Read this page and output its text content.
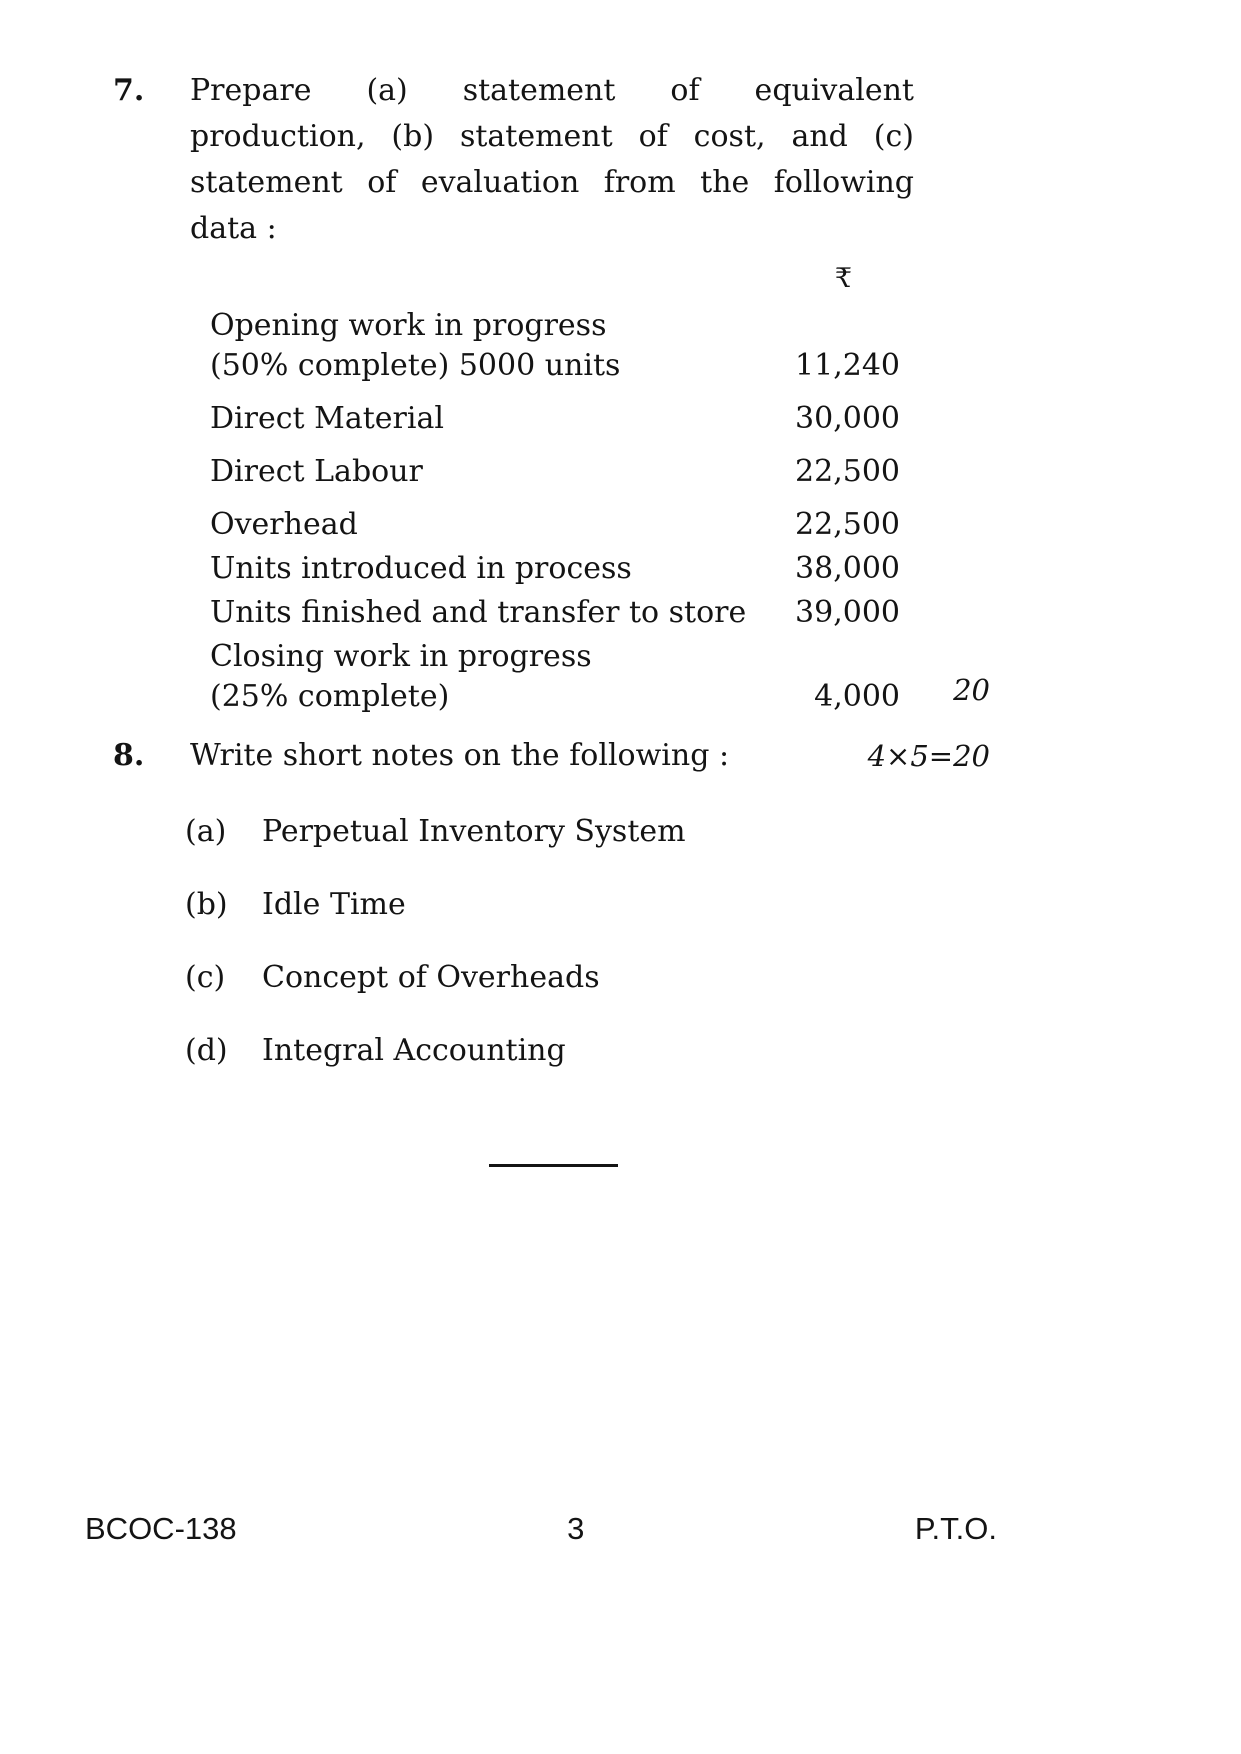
7.	Prepare (a) statement of equivalent production, (b) statement of cost, and (c) statement of evaluation from the following data :
20
₹
Opening work in progress
(50% complete) 5000 units	11,240
Direct Material	30,000
Direct Labour	22,500
Overhead	22,500
Units introduced in process	38,000
Units finished and transfer to store 39,000
Closing work in progress
(25% complete)	4,000
8.	Write short notes on the following :	4×5=20
(a)	Perpetual Inventory System
(b)	Idle Time
(c)	Concept of Overheads
(d)	Integral Accounting
BCOC-138	3	P.T.O.
